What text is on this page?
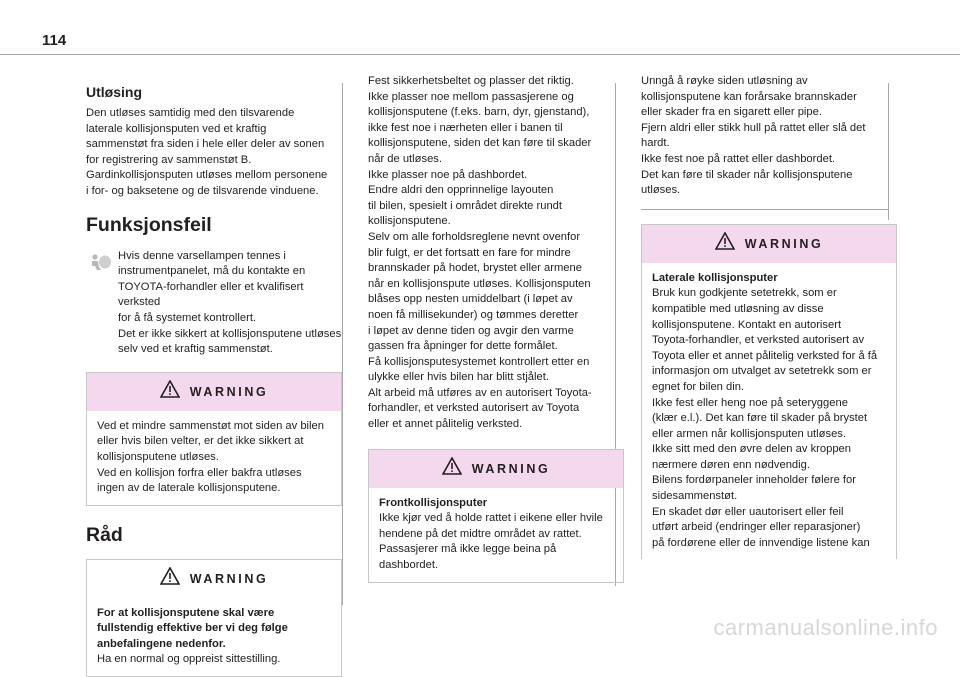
114
Utløsing

Den utløses samtidig med den tilsvarende
laterale kollisjonsputen ved et kraftig
sammenstøt fra siden i hele eller deler av sonen
for registrering av sammenstøt B.
Gardinkollisjonsputen utløses mellom personene
i for- og baksetene og de tilsvarende vinduene.

Funksjonsfeil

Hvis denne varsellampen tennes i
instrumentpanelet, må du kontakte en
TOYOTA-forhandler eller et kvalifisert verksted
for å få systemet kontrollert.
Det er ikke sikkert at kollisjonsputene utløses
selv ved et kraftig sammenstøt.

WARNING

Ved et mindre sammenstøt mot siden av bilen
eller hvis bilen velter, er det ikke sikkert at
kollisjonsputene utløses.
Ved en kollisjon forfra eller bakfra utløses
ingen av de laterale kollisjonsputene.

Råd
WARNING

For at kollisjonsputene skal være
fullstendig effektive ber vi deg følge
anbefalingene nedenfor.

Ha en normal og oppreist sittestilling.

Fest sikkerhetsbeltet og plasser det riktig.
Ikke plasser noe mellom passasjerene og
kollisjonsputene (f.eks. barn, dyr, gjenstand),
ikke fest noe i nærheten eller i banen til
kollisjonsputene, siden det kan føre til skader
når de utløses.
Ikke plasser noe på dashbordet.
Endre aldri den opprinnelige layouten
til bilen, spesielt i området direkte rundt
kollisjonsputene.
Selv om alle forholdsreglene nevnt ovenfor
blir fulgt, er det fortsatt en fare for mindre
brannskader på hodet, brystet eller armene
når en kollisjonspute utløses. Kollisjonsputen
blåses opp nesten umiddelbart (i løpet av
noen få millisekunder) og tømmes deretter
i løpet av denne tiden og avgir den varme
gassen fra åpninger for dette formålet.
Få kollisjonsputesystemet kontrollert etter en
ulykke eller hvis bilen har blitt stjålet.
Alt arbeid må utføres av en autorisert Toyota-
forhandler, et verksted autorisert av Toyota
eller et annet pålitelig verksted.

WARNING

Frontkollisjonsputer

Ikke kjør ved å holde rattet i eikene eller hvile
hendene på det midtre området av rattet.
Passasjerer må ikke legge beina på
dashbordet.

Unngå å røyke siden utløsning av
kollisjonsputene kan forårsake brannskader
eller skader fra en sigarett eller pipe.
Fjern aldri eller stikk hull på rattet eller slå det
hardt.
Ikke fest noe på rattet eller dashbordet.
Det kan føre til skader når kollisjonsputene
utløses.

WARNING

Laterale kollisjonsputer

Bruk kun godkjente setetrekk, som er
kompatible med utløsning av disse
kollisjonsputene. Kontakt en autorisert
Toyota-forhandler, et verksted autorisert av
Toyota eller et annet pålitelig verksted for å få
informasjon om utvalget av setetrekk som er
egnet for bilen din.
Ikke fest eller heng noe på seteryggene
(klær e.l.). Det kan føre til skader på brystet
eller armen når kollisjonsputen utløses.
Ikke sitt med den øvre delen av kroppen
nærmere døren enn nødvendig.
Bilens fordørpaneler inneholder følere for
sidesammenstøt.
En skadet dør eller uautorisert eller feil
utført arbeid (endringer eller reparasjoner)
på fordørene eller de innvendige listene kan

carmanualsonline.info
